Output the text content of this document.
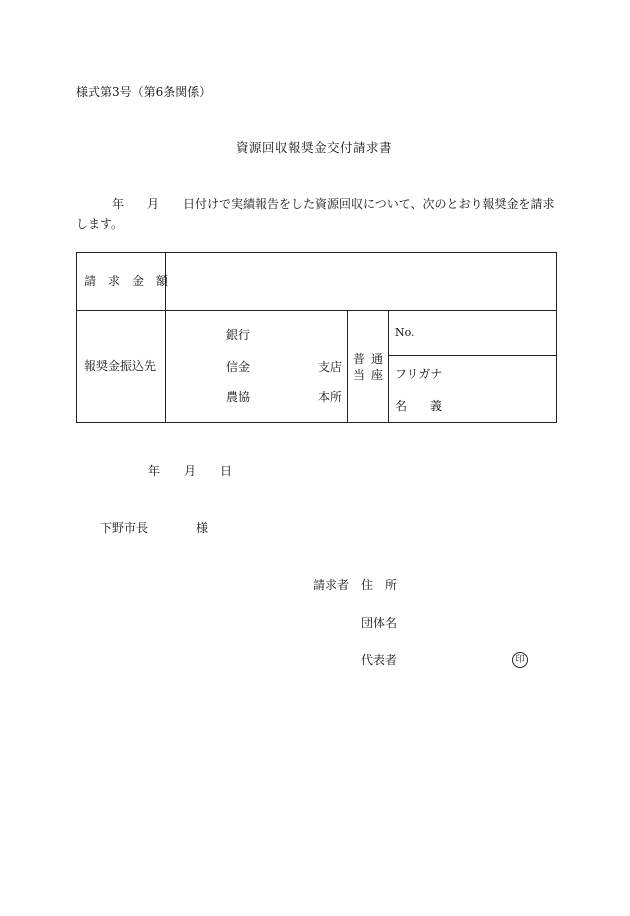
様式第3号（第6条関係）
資源回収報奨金交付請求書
年 月 日付けで実績報告をした資源回収について、次のとおり報奨金を請求
します。
請　求　金　額
報奨金振込先
銀行
信金
農協
支店
本所
普 通
当 座
No.
フリガナ
名 義
年 月 日
下野市長	様
請求者 住　所
団体名
代表者	印
